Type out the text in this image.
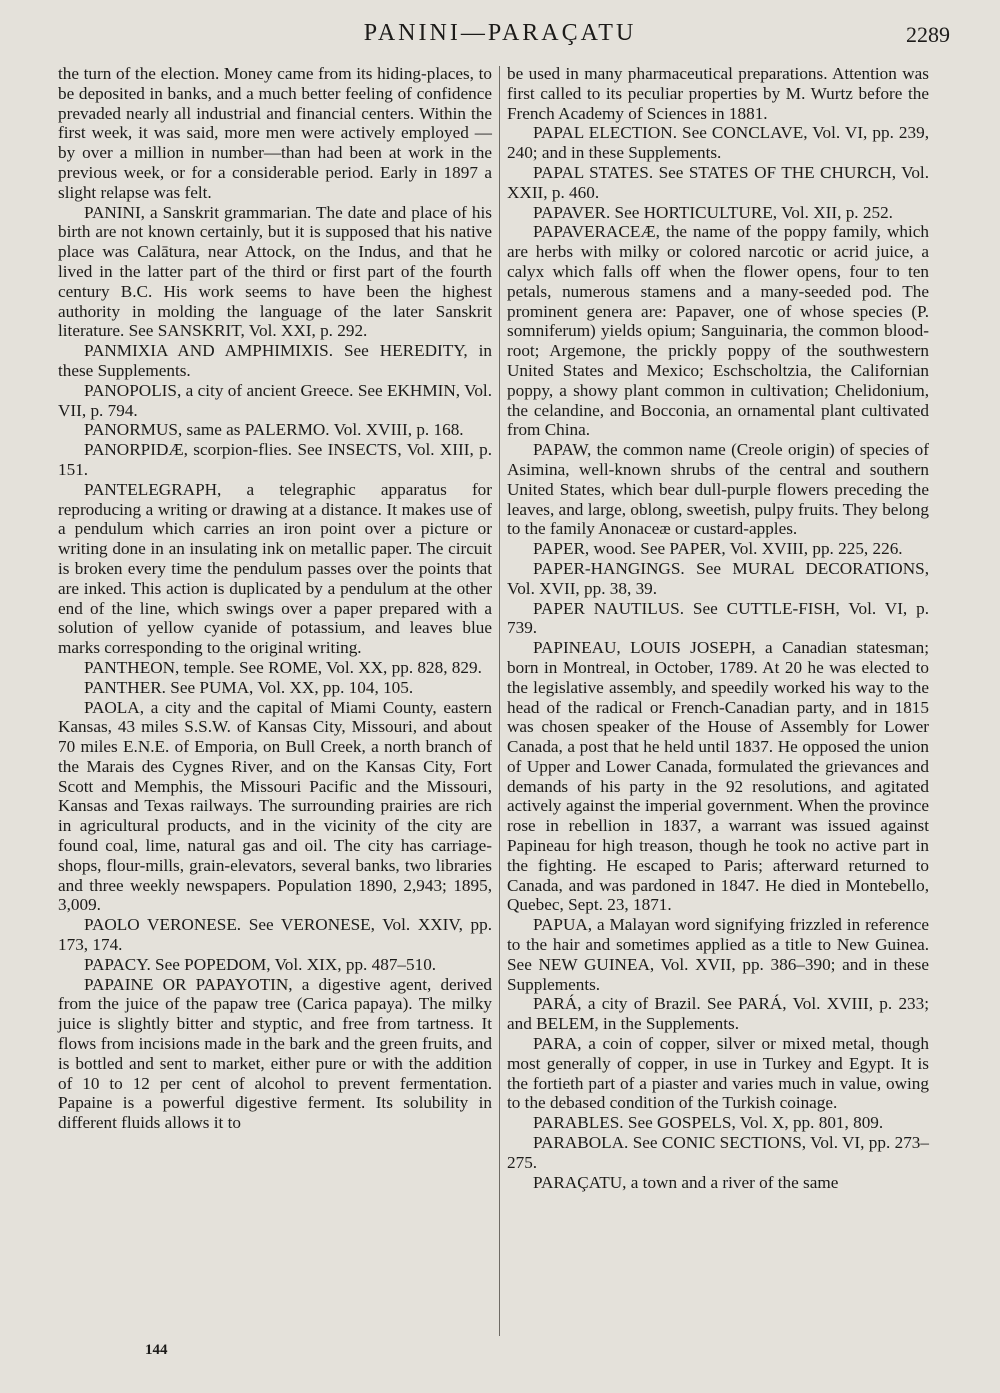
PANINI—PARAÇATU	2289

the turn of the election. Money came from its hiding-places, to be deposited in banks, and a much better feeling of confidence prevaded nearly all industrial and financial centers. Within the first week, it was said, more men were actively employed —by over a million in number—than had been at work in the previous week, or for a considerable period. Early in 1897 a slight relapse was felt.

PANINI, a Sanskrit grammarian. The date and place of his birth are not known certainly, but it is supposed that his native place was Calātura, near Attock, on the Indus, and that he lived in the latter part of the third or first part of the fourth century B.C. His work seems to have been the highest authority in molding the language of the later Sanskrit literature. See SANSKRIT, Vol. XXI, p. 292.

PANMIXIA AND AMPHIMIXIS. See HEREDITY, in these Supplements.

PANOPOLIS, a city of ancient Greece. See EKHMIN, Vol. VII, p. 794.

PANORMUS, same as PALERMO. Vol. XVIII, p. 168.

PANORPIDÆ, scorpion-flies. See INSECTS, Vol. XIII, p. 151.

PANTELEGRAPH, a telegraphic apparatus for reproducing a writing or drawing at a distance. It makes use of a pendulum which carries an iron point over a picture or writing done in an insulating ink on metallic paper. The circuit is broken every time the pendulum passes over the points that are inked. This action is duplicated by a pendulum at the other end of the line, which swings over a paper prepared with a solution of yellow cyanide of potassium, and leaves blue marks corresponding to the original writing.

PANTHEON, temple. See ROME, Vol. XX, pp. 828, 829.

PANTHER. See PUMA, Vol. XX, pp. 104, 105.

PAOLA, a city and the capital of Miami County, eastern Kansas, 43 miles S.S.W. of Kansas City, Missouri, and about 70 miles E.N.E. of Emporia, on Bull Creek, a north branch of the Marais des Cygnes River, and on the Kansas City, Fort Scott and Memphis, the Missouri Pacific and the Missouri, Kansas and Texas railways. The surrounding prairies are rich in agricultural products, and in the vicinity of the city are found coal, lime, natural gas and oil. The city has carriage-shops, flour-mills, grain-elevators, several banks, two libraries and three weekly newspapers. Population 1890, 2,943; 1895, 3,009.

PAOLO VERONESE. See VERONESE, Vol. XXIV, pp. 173, 174.

PAPACY. See POPEDOM, Vol. XIX, pp. 487–510.

PAPAINE OR PAPAYOTIN, a digestive agent, derived from the juice of the papaw tree (Carica papaya). The milky juice is slightly bitter and styptic, and free from tartness. It flows from incisions made in the bark and the green fruits, and is bottled and sent to market, either pure or with the addition of 10 to 12 per cent of alcohol to prevent fermentation. Papaine is a powerful digestive ferment. Its solubility in different fluids allows it to

be used in many pharmaceutical preparations. Attention was first called to its peculiar properties by M. Wurtz before the French Academy of Sciences in 1881.

PAPAL ELECTION. See CONCLAVE, Vol. VI, pp. 239, 240; and in these Supplements.

PAPAL STATES. See STATES OF THE CHURCH, Vol. XXII, p. 460.

PAPAVER. See HORTICULTURE, Vol. XII, p. 252.

PAPAVERACEÆ, the name of the poppy family, which are herbs with milky or colored narcotic or acrid juice, a calyx which falls off when the flower opens, four to ten petals, numerous stamens and a many-seeded pod. The prominent genera are: Papaver, one of whose species (P. somniferum) yields opium; Sanguinaria, the common blood-root; Argemone, the prickly poppy of the southwestern United States and Mexico; Eschscholtzia, the Californian poppy, a showy plant common in cultivation; Chelidonium, the celandine, and Bocconia, an ornamental plant cultivated from China.

PAPAW, the common name (Creole origin) of species of Asimina, well-known shrubs of the central and southern United States, which bear dull-purple flowers preceding the leaves, and large, oblong, sweetish, pulpy fruits. They belong to the family Anonaceæ or custard-apples.

PAPER, wood. See PAPER, Vol. XVIII, pp. 225, 226.

PAPER-HANGINGS. See MURAL DECORATIONS, Vol. XVII, pp. 38, 39.

PAPER NAUTILUS. See CUTTLE-FISH, Vol. VI, p. 739.

PAPINEAU, LOUIS JOSEPH, a Canadian statesman; born in Montreal, in October, 1789. At 20 he was elected to the legislative assembly, and speedily worked his way to the head of the radical or French-Canadian party, and in 1815 was chosen speaker of the House of Assembly for Lower Canada, a post that he held until 1837. He opposed the union of Upper and Lower Canada, formulated the grievances and demands of his party in the 92 resolutions, and agitated actively against the imperial government. When the province rose in rebellion in 1837, a warrant was issued against Papineau for high treason, though he took no active part in the fighting. He escaped to Paris; afterward returned to Canada, and was pardoned in 1847. He died in Montebello, Quebec, Sept. 23, 1871.

PAPUA, a Malayan word signifying frizzled in reference to the hair and sometimes applied as a title to New Guinea. See NEW GUINEA, Vol. XVII, pp. 386–390; and in these Supplements.

PARÁ, a city of Brazil. See PARÁ, Vol. XVIII, p. 233; and BELEM, in the Supplements.

PARA, a coin of copper, silver or mixed metal, though most generally of copper, in use in Turkey and Egypt. It is the fortieth part of a piaster and varies much in value, owing to the debased condition of the Turkish coinage.

PARABLES. See GOSPELS, Vol. X, pp. 801, 809.

PARABOLA. See CONIC SECTIONS, Vol. VI, pp. 273–275.

PARAÇATU, a town and a river of the same

144
